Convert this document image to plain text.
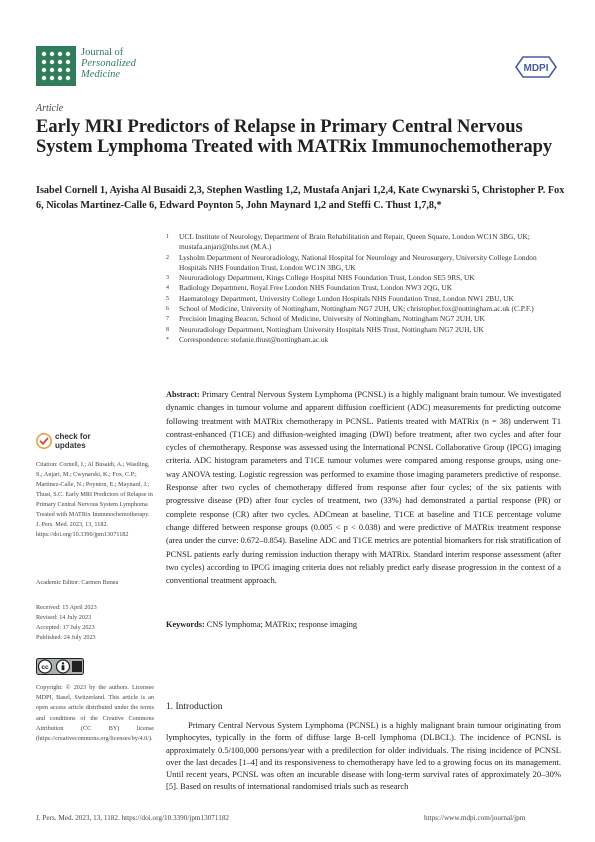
Journal of
Personalized
Medicine
MDPI
Article
Early MRI Predictors of Relapse in Primary Central Nervous System Lymphoma Treated with MATRix Immunochemotherapy
Isabel Cornell 1, Ayisha Al Busaidi 2,3, Stephen Wastling 1,2, Mustafa Anjari 1,2,4, Kate Cwynarski 5, Christopher P. Fox 6, Nicolas Martinez-Calle 6, Edward Poynton 5, John Maynard 1,2 and Steffi C. Thust 1,7,8,*
1	UCL Institute of Neurology, Department of Brain Rehabilitation and Repair, Queen Square, London WC1N 3BG, UK; mustafa.anjari@nhs.net (M.A.)
2	Lysholm Department of Neuroradiology, National Hospital for Neurology and Neurosurgery, University College London Hospitals NHS Foundation Trust, London WC1N 3BG, UK
3	Neuroradiology Department, Kings College Hospital NHS Foundation Trust, London SE5 9RS, UK
4	Radiology Department, Royal Free London NHS Foundation Trust, London NW3 2QG, UK
5	Haematology Department, University College London Hospitals NHS Foundation Trust, London NW1 2BU, UK
6	School of Medicine, University of Nottingham, Nottingham NG7 2UH, UK; christopher.fox@nottingham.ac.uk (C.P.F.)
7	Precision Imaging Beacon, School of Medicine, University of Nottingham, Nottingham NG7 2UH, UK
8	Neuroradiology Department, Nottingham University Hospitals NHS Trust, Nottingham NG7 2UH, UK
*	Correspondence: stefanie.thust@nottingham.ac.uk
Abstract: Primary Central Nervous System Lymphoma (PCNSL) is a highly malignant brain tumour. We investigated dynamic changes in tumour volume and apparent diffusion coefficient (ADC) measurements for predicting outcome following treatment with MATRix chemotherapy in PCNSL. Patients treated with MATRix (n = 38) underwent T1 contrast-enhanced (T1CE) and diffusion-weighted imaging (DWI) before treatment, after two cycles and after four cycles of chemotherapy. Response was assessed using the International PCNSL Collaborative Group (IPCG) imaging criteria. ADC histogram parameters and T1CE tumour volumes were compared among response groups, using one-way ANOVA testing. Logistic regression was performed to examine those imaging parameters predictive of response. Response after two cycles of chemotherapy differed from response after four cycles; of the six patients with progressive disease (PD) after four cycles of treatment, two (33%) had demonstrated a partial response (PR) or complete response (CR) after two cycles. ADCmean at baseline, T1CE at baseline and T1CE percentage volume change differed between response groups (0.005 < p < 0.038) and were predictive of MATRix treatment response (area under the curve: 0.672–0.854). Baseline ADC and T1CE metrics are potential biomarkers for risk stratification of PCNSL patients early during remission induction therapy with MATRix. Standard interim response assessment (after two cycles) according to IPCG imaging criteria does not reliably predict early disease progression in the context of a conventional treatment approach.
Keywords: CNS lymphoma; MATRix; response imaging
check for
updates
Citation: Cornell, I.; Al Busaidi, A.; Wastling, S.; Anjari, M.; Cwynarski, K.; Fox, C.P.; Martinez-Calle, N.; Poynton, E.; Maynard, J.; Thust, S.C. Early MRI Predictors of Relapse in Primary Central Nervous System Lymphoma Treated with MATRix Immunochemotherapy. J. Pers. Med. 2023, 13, 1182. https://doi.org/10.3390/jpm13071182
Academic Editor: Carmen Bunea
Received: 15 April 2023
Revised: 14 July 2023
Accepted: 17 July 2023
Published: 24 July 2023
cc
Copyright: © 2023 by the authors. Licensee MDPI, Basel, Switzerland. This article is an open access article distributed under the terms and conditions of the Creative Commons Attribution (CC BY) license (https://creativecommons.org/licenses/by/4.0/).
1. Introduction
Primary Central Nervous System Lymphoma (PCNSL) is a highly malignant brain tumour originating from lymphocytes, typically in the form of diffuse large B-cell lymphoma (DLBCL). The incidence of PCNSL is approximately 0.5/100,000 persons/year with a predilection for older individuals. The rising incidence of PCNSL over the last decades [1–4] and its responsiveness to chemotherapy have led to a growing focus on its management. Until recent years, PCNSL was often an incurable disease with long-term survival rates of approximately 20–30% [5]. Based on results of international randomised trials such as research
J. Pers. Med. 2023, 13, 1182. https://doi.org/10.3390/jpm13071182	https://www.mdpi.com/journal/jpm
